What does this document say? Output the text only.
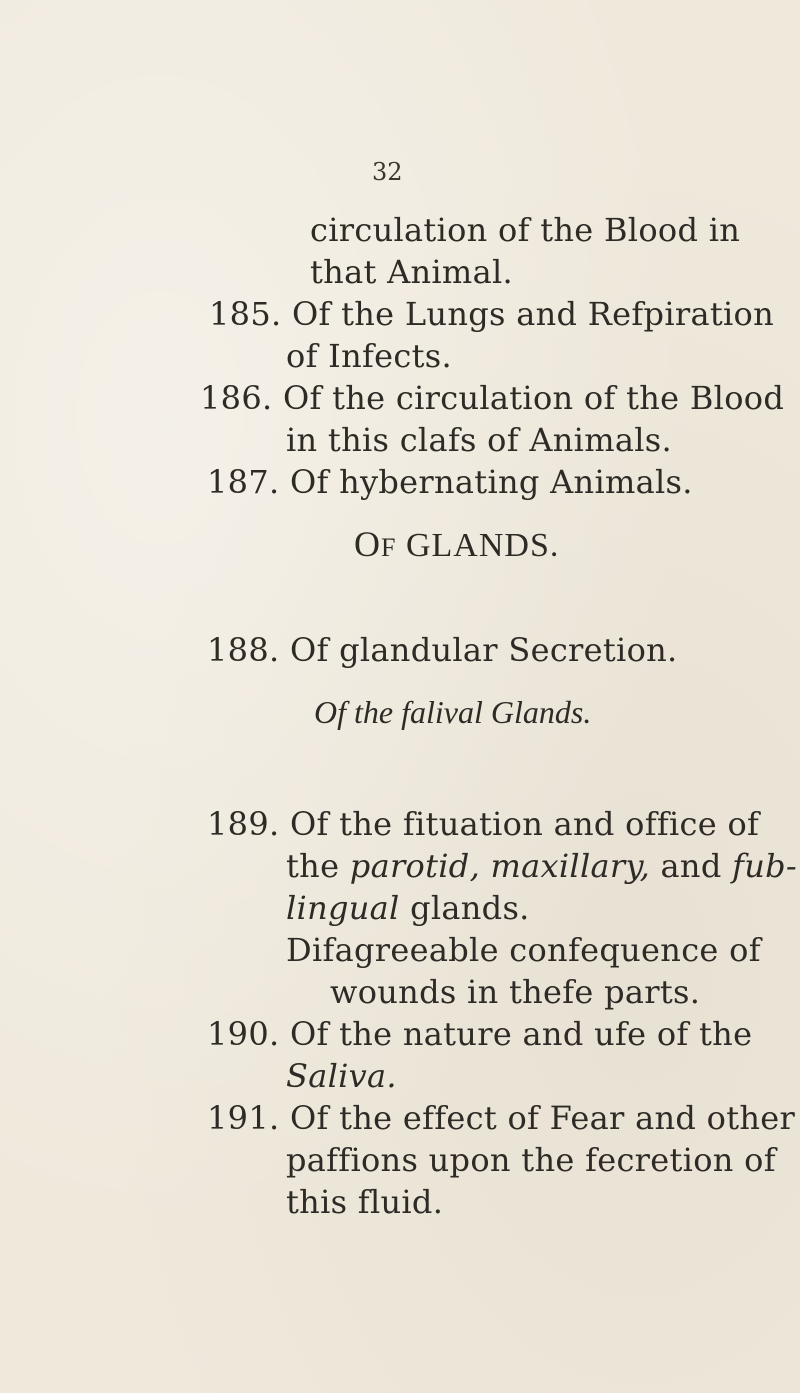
32
circulation of the Blood in
that Animal.
185. Of the Lungs and Refpiration
of Infects.
186. Of the circulation of the Blood
in this clafs of Animals.
187. Of hybernating Animals.
OF GLANDS.
188. Of glandular Secretion.
Of the falival Glands.
189. Of the fituation and office of
the parotid, maxillary, and fub-
lingual glands.
Difagreeable confequence of
wounds in thefe parts.
190. Of the nature and ufe of the
Saliva.
191. Of the effect of Fear and other
paffions upon the fecretion of
this fluid.
